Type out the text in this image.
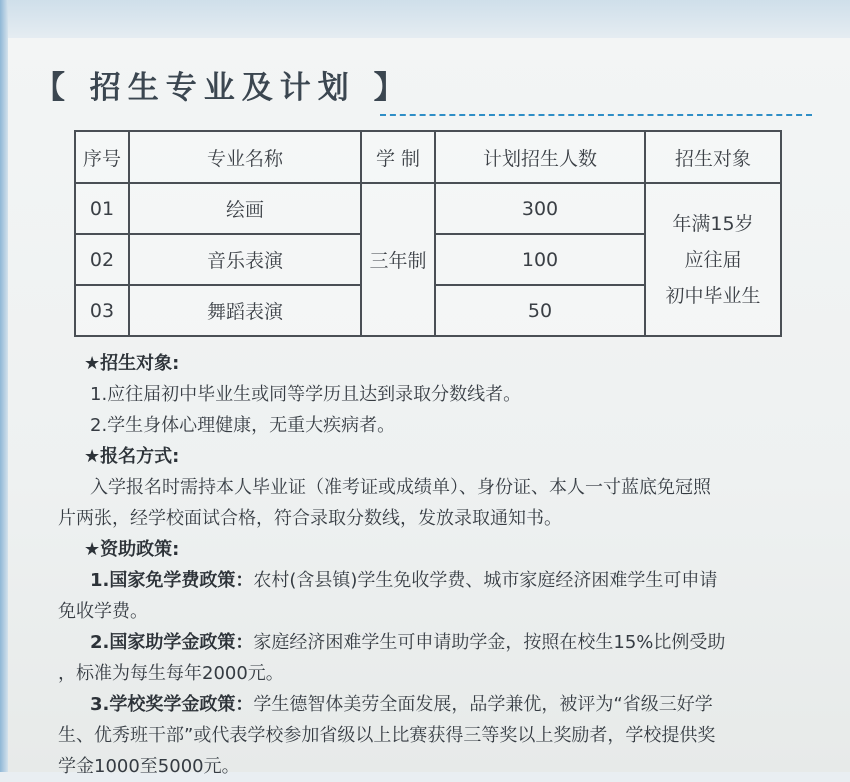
【 招生专业及计划 】
序号	专业名称	学 制	计划招生人数	招生对象
01	绘画	三年制	300	年满15岁
应往届
初中毕业生

02	音乐表演		100	
03	舞蹈表演		50	
★招生对象:
1.应往届初中毕业生或同等学历且达到录取分数线者。
2.学生身体心理健康，无重大疾病者。
★报名方式:
入学报名时需持本人毕业证（准考证或成绩单）、身份证、本人一寸蓝底免冠照
片两张，经学校面试合格，符合录取分数线，发放录取通知书。
★资助政策:
1.国家免学费政策：农村(含县镇)学生免收学费、城市家庭经济困难学生可申请
免收学费。
2.国家助学金政策：家庭经济困难学生可申请助学金，按照在校生15%比例受助
，标准为每生每年2000元。
3.学校奖学金政策：学生德智体美劳全面发展，品学兼优，被评为“省级三好学
生、优秀班干部”或代表学校参加省级以上比赛获得三等奖以上奖励者，学校提供奖
学金1000至5000元。
